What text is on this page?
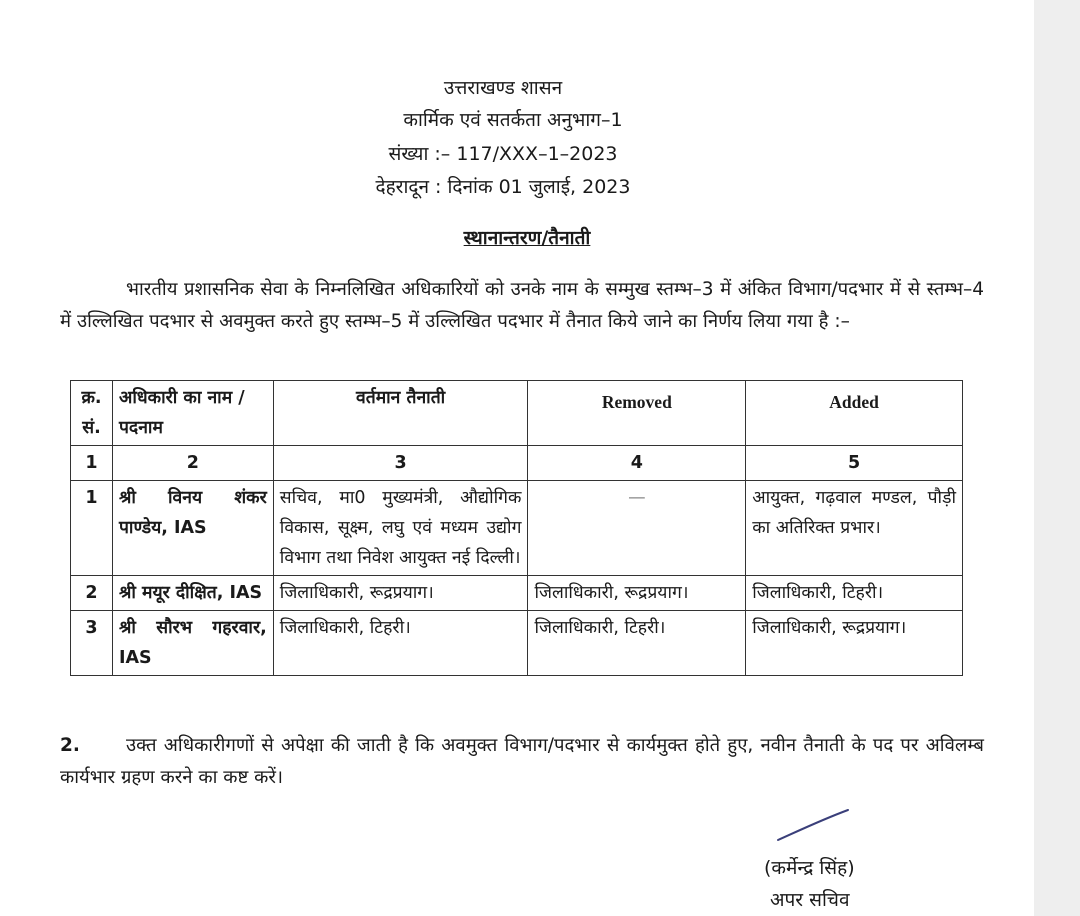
उत्तराखण्ड शासन
कार्मिक एवं सतर्कता अनुभाग–1
संख्या :– 117/XXX–1–2023
देहरादून : दिनांक 01 जुलाई, 2023
स्थानान्तरण/तैनाती
भारतीय प्रशासनिक सेवा के निम्नलिखित अधिकारियों को उनके नाम के सम्मुख स्तम्भ–3 में अंकित विभाग/पदभार में से स्तम्भ–4 में उल्लिखित पदभार से अवमुक्त करते हुए स्तम्भ–5 में उल्लिखित पदभार में तैनात किये जाने का निर्णय लिया गया है :–
क्र. सं.	अधिकारी का नाम /पदनाम	वर्तमान तैनाती	Removed	Added
1	2	3	4	5
1	श्री विनय शंकर पाण्डेय, IAS	सचिव, मा0 मुख्यमंत्री, औद्योगिक विकास, सूक्ष्म, लघु एवं मध्यम उद्योग विभाग तथा निवेश आयुक्त नई दिल्ली।	—	आयुक्त, गढ़वाल मण्डल, पौड़ी का अतिरिक्त प्रभार।
2	श्री मयूर दीक्षित, IAS	जिलाधिकारी, रूद्रप्रयाग।	जिलाधिकारी, रूद्रप्रयाग।	जिलाधिकारी, टिहरी।
3	श्री सौरभ गहरवार, IAS	जिलाधिकारी, टिहरी।	जिलाधिकारी, टिहरी।	जिलाधिकारी, रूद्रप्रयाग।
2. उक्त अधिकारीगणों से अपेक्षा की जाती है कि अवमुक्त विभाग/पदभार से कार्यमुक्त होते हुए, नवीन तैनाती के पद पर अविलम्ब कार्यभार ग्रहण करने का कष्ट करें।
(कर्मेन्द्र सिंह)
अपर सचिव
